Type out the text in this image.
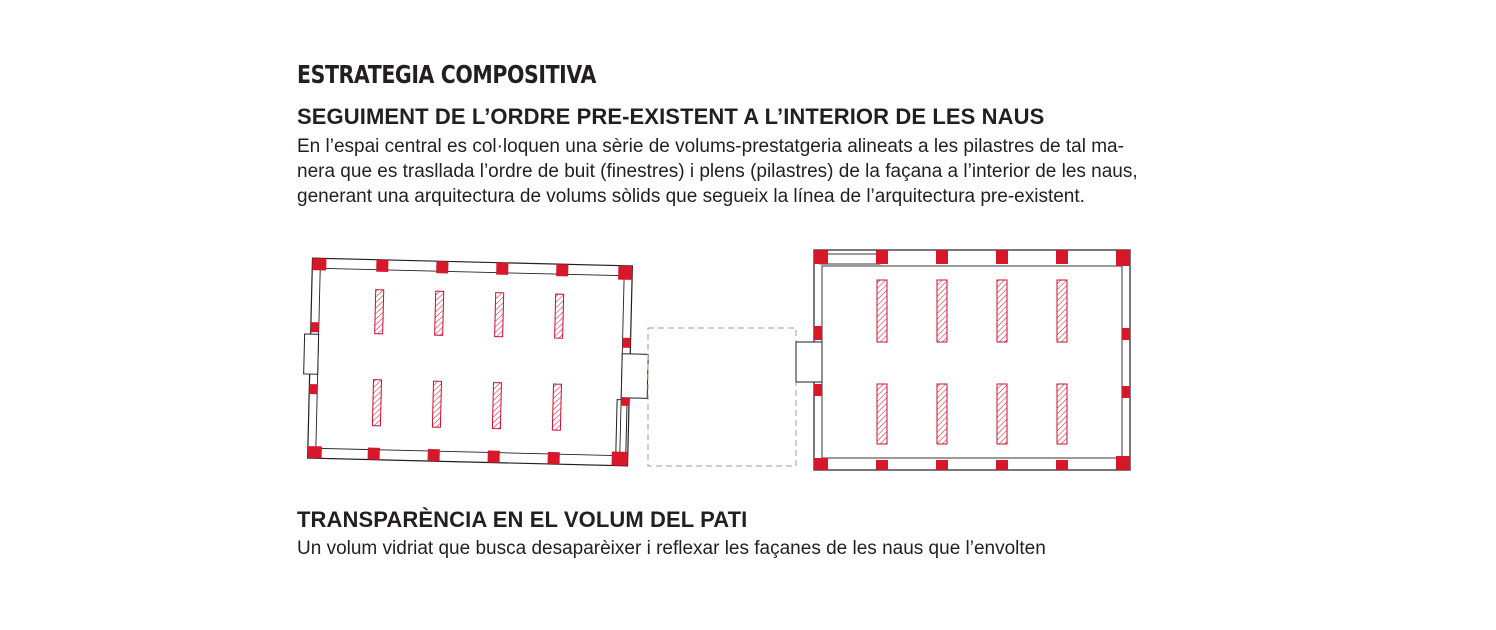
ESTRATEGIA COMPOSITIVA
SEGUIMENT DE L’ORDRE PRE-EXISTENT A L’INTERIOR DE LES NAUS
En l’espai central es col·loquen una sèrie de volums-prestatgeria alineats a les pilastres de tal ma-
nera que es traslladа l’ordre de buit (finestres) i plens (pilastres) de la façana a l’interior de les naus,
generant una arquitectura de volums sòlids que segueix la línea de l’arquitectura pre-existent.
TRANSPARÈNCIA EN EL VOLUM DEL PATI
Un volum vidriat que busca desaparèixer i reflexar les façanes de les naus que l’envolten
